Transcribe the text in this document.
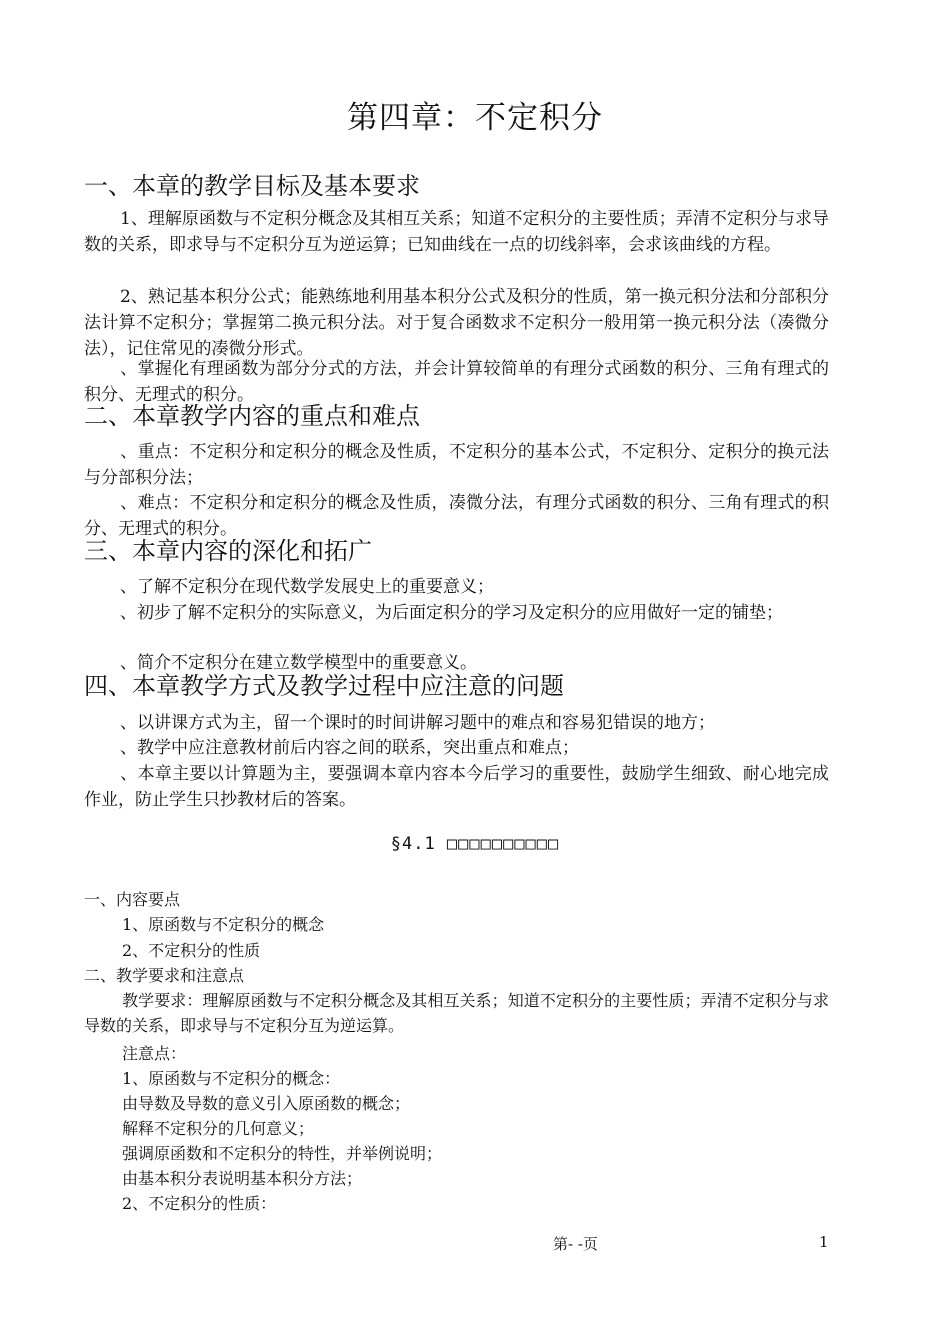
第四章：不定积分
一、本章的教学目标及基本要求
1、理解原函数与不定积分概念及其相互关系；知道不定积分的主要性质；弄清不定积分与求导数的关系，即求导与不定积分互为逆运算；已知曲线在一点的切线斜率，会求该曲线的方程。
2、熟记基本积分公式；能熟练地利用基本积分公式及积分的性质，第一换元积分法和分部积分法计算不定积分；掌握第二换元积分法。对于复合函数求不定积分一般用第一换元积分法（凑微分法），记住常见的凑微分形式。
、掌握化有理函数为部分分式的方法，并会计算较简单的有理分式函数的积分、三角有理式的积分、无理式的积分。
二、本章教学内容的重点和难点
、重点：不定积分和定积分的概念及性质，不定积分的基本公式，不定积分、定积分的换元法与分部积分法；
、难点：不定积分和定积分的概念及性质，凑微分法，有理分式函数的积分、三角有理式的积分、无理式的积分。
三、本章内容的深化和拓广
、了解不定积分在现代数学发展史上的重要意义；
、初步了解不定积分的实际意义，为后面定积分的学习及定积分的应用做好一定的铺垫；
、简介不定积分在建立数学模型中的重要意义。
四、本章教学方式及教学过程中应注意的问题
、以讲课方式为主，留一个课时的时间讲解习题中的难点和容易犯错误的地方；
、教学中应注意教材前后内容之间的联系，突出重点和难点；
、本章主要以计算题为主，要强调本章内容本今后学习的重要性，鼓励学生细致、耐心地完成作业，防止学生只抄教材后的答案。
§4.1 □□□□□□□□□□
一、内容要点
1、原函数与不定积分的概念
2、不定积分的性质
二、教学要求和注意点
教学要求：理解原函数与不定积分概念及其相互关系；知道不定积分的主要性质；弄清不定积分与求导数的关系，即求导与不定积分互为逆运算。
注意点：
1、原函数与不定积分的概念：
由导数及导数的意义引入原函数的概念；
解释不定积分的几何意义；
强调原函数和不定积分的特性，并举例说明；
由基本积分表说明基本积分方法；
2、不定积分的性质：
第- -页	1
